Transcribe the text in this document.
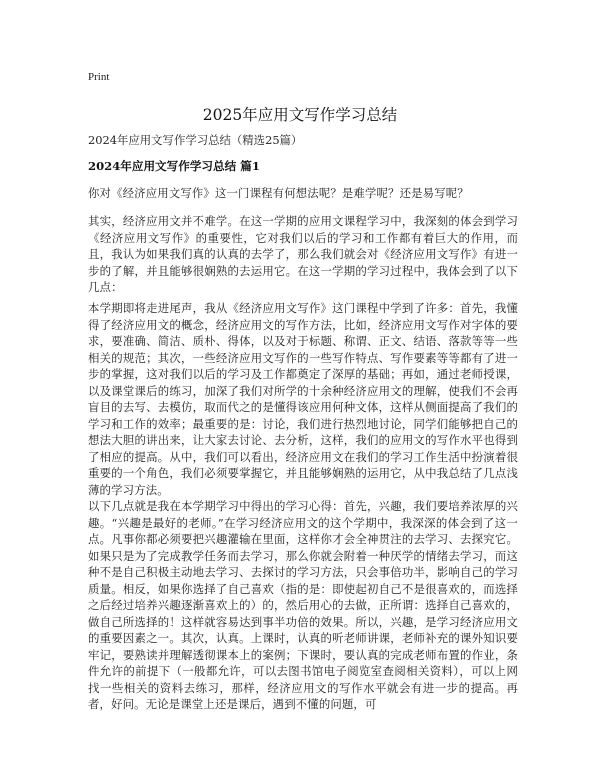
Print
2025年应用文写作学习总结
2024年应用文写作学习总结（精选25篇）
2024年应用文写作学习总结 篇1

你对《经济应用文写作》这一门课程有何想法呢？是难学呢？还是易写呢？

其实，经济应用文并不难学。在这一学期的应用文课程学习中，我深刻的体会到学习《经济应用文写作》的重要性，它对我们以后的学习和工作都有着巨大的作用，而且，我认为如果我们真的认真的去学了，那么我们就会对《经济应用文写作》有进一步的了解，并且能够很娴熟的去运用它。在这一学期的学习过程中，我体会到了以下几点：

本学期即将走进尾声，我从《经济应用文写作》这门课程中学到了许多：首先，我懂得了经济应用文的概念，经济应用文的写作方法，比如，经济应用文写作对字体的要求，要准确、简洁、质朴、得体，以及对于标题、称谓、正文、结语、落款等等一些相关的规范；其次，一些经济应用文写作的一些写作特点、写作要素等等都有了进一步的掌握，这对我们以后的学习及工作都奠定了深厚的基础；再如，通过老师授课，以及课堂课后的练习，加深了我们对所学的十余种经济应用文的理解，使我们不会再盲目的去写、去模仿，取而代之的是懂得该应用何种文体，这样从侧面提高了我们的学习和工作的效率；最重要的是：讨论，我们进行热烈地讨论，同学们能够把自己的想法大胆的讲出来，让大家去讨论、去分析，这样，我们的应用文的写作水平也得到了相应的提高。从中，我们可以看出，经济应用文在我们的学习工作生活中扮演着很重要的一个角色，我们必须要掌握它，并且能够娴熟的运用它，从中我总结了几点浅薄的学习方法。

以下几点就是我在本学期学习中得出的学习心得：首先，兴趣，我们要培养浓厚的兴趣。“兴趣是最好的老师。”在学习经济应用文的这个学期中，我深深的体会到了这一点。凡事你都必须要把兴趣灌输在里面，这样你才会全神贯注的去学习、去探究它。如果只是为了完成教学任务而去学习，那么你就会附着一种厌学的情绪去学习，而这种不是自己积极主动地去学习、去探讨的学习方法，只会事倍功半，影响自己的学习质量。相反，如果你选择了自己喜欢（指的是：即使起初自己不是很喜欢的，而选择之后经过培养兴趣逐渐喜欢上的）的，然后用心的去做，正所谓：选择自己喜欢的，做自己所选择的！这样就容易达到事半功倍的效果。所以，兴趣，是学习经济应用文的重要因素之一。其次，认真。上课时，认真的听老师讲课，老师补充的课外知识要牢记，要熟读并理解透彻课本上的案例；下课时，要认真的完成老师布置的作业，条件允许的前提下（一般都允许，可以去图书馆电子阅览室查阅相关资料），可以上网找一些相关的资料去练习，那样，经济应用文的写作水平就会有进一步的提高。再者，好问。无论是课堂上还是课后，遇到不懂的问题，可
